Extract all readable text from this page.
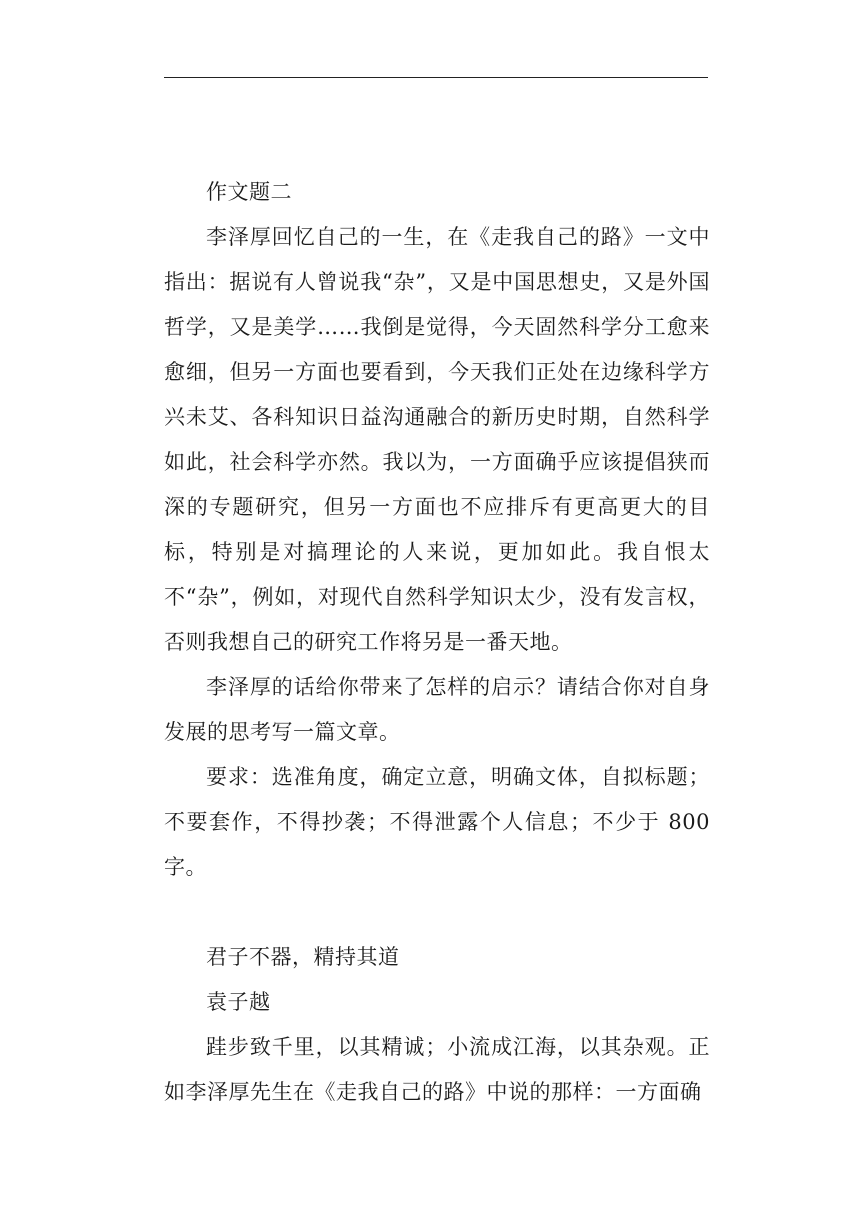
作文题二

李泽厚回忆自己的一生，在《走我自己的路》一文中指出：据说有人曾说我“杂”，又是中国思想史，又是外国哲学，又是美学……我倒是觉得，今天固然科学分工愈来愈细，但另一方面也要看到，今天我们正处在边缘科学方兴未艾、各科知识日益沟通融合的新历史时期，自然科学如此，社会科学亦然。我以为，一方面确乎应该提倡狭而深的专题研究，但另一方面也不应排斥有更高更大的目标，特别是对搞理论的人来说，更加如此。我自恨太不“杂”，例如，对现代自然科学知识太少，没有发言权，否则我想自己的研究工作将另是一番天地。

李泽厚的话给你带来了怎样的启示？请结合你对自身发展的思考写一篇文章。

要求：选准角度，确定立意，明确文体，自拟标题；不要套作，不得抄袭；不得泄露个人信息；不少于 800 字。

君子不器，精持其道

袁子越

跬步致千里，以其精诚；小流成江海，以其杂观。正如李泽厚先生在《走我自己的路》中说的那样：一方面确
